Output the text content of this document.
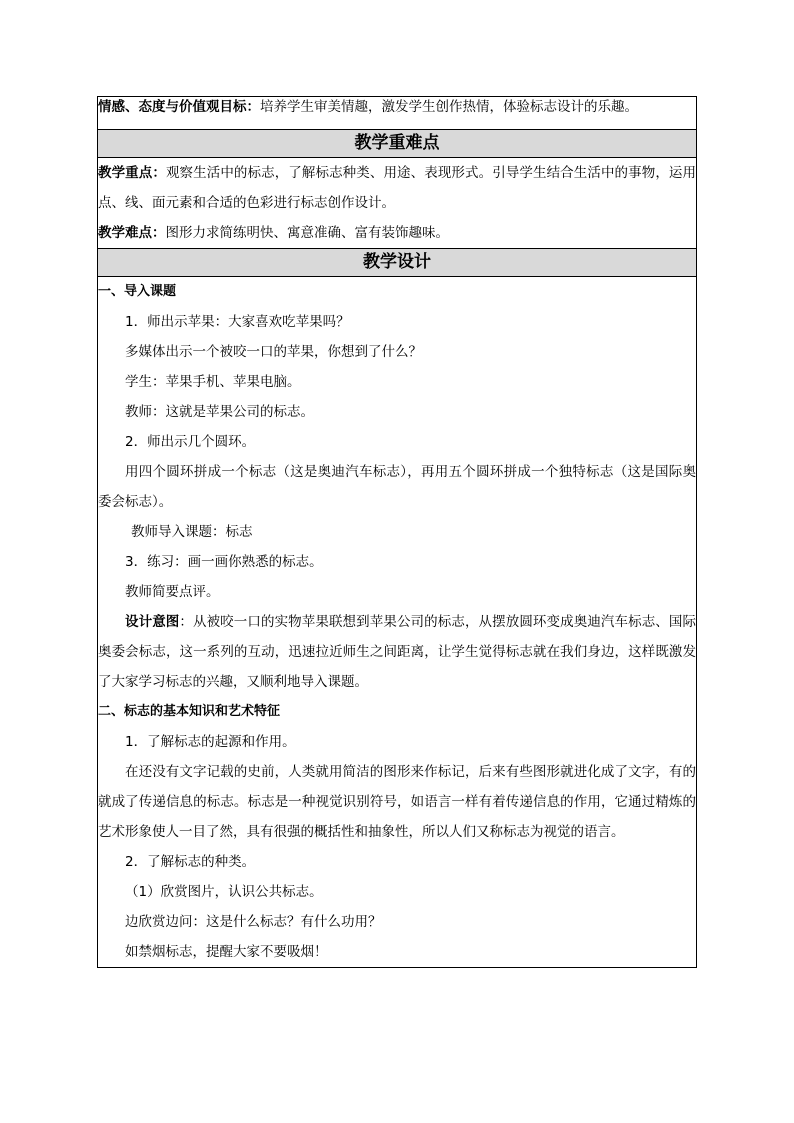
情感、态度与价值观目标：培养学生审美情趣，激发学生创作热情，体验标志设计的乐趣。
教学重难点

教学重点：观察生活中的标志，了解标志种类、用途、表现形式。引导学生结合生活中的事物，运用点、线、面元素和合适的色彩进行标志创作设计。

教学难点：图形力求简练明快、寓意准确、富有装饰趣味。

教学设计

一、导入课题

1．师出示苹果：大家喜欢吃苹果吗？

多媒体出示一个被咬一口的苹果，你想到了什么？

学生：苹果手机、苹果电脑。

教师：这就是苹果公司的标志。

2．师出示几个圆环。

用四个圆环拼成一个标志（这是奥迪汽车标志），再用五个圆环拼成一个独特标志（这是国际奥委会标志）。

教师导入课题：标志

3．练习：画一画你熟悉的标志。

教师简要点评。

设计意图：从被咬一口的实物苹果联想到苹果公司的标志，从摆放圆环变成奥迪汽车标志、国际奥委会标志，这一系列的互动，迅速拉近师生之间距离，让学生觉得标志就在我们身边，这样既激发了大家学习标志的兴趣，又顺利地导入课题。

二、标志的基本知识和艺术特征

1．了解标志的起源和作用。

在还没有文字记载的史前，人类就用简洁的图形来作标记，后来有些图形就进化成了文字，有的就成了传递信息的标志。标志是一种视觉识别符号，如语言一样有着传递信息的作用，它通过精炼的艺术形象使人一目了然，具有很强的概括性和抽象性，所以人们又称标志为视觉的语言。

2．了解标志的种类。

（1）欣赏图片，认识公共标志。

边欣赏边问：这是什么标志？有什么功用？

如禁烟标志，提醒大家不要吸烟！
